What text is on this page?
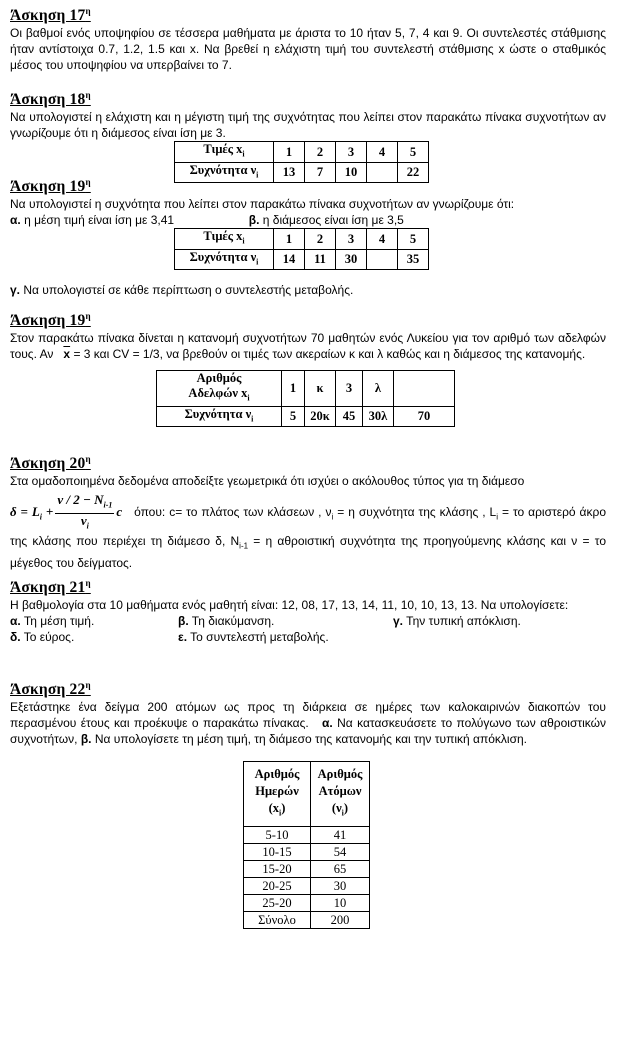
Άσκηση $17^\eta$

Οι βαθμοί ενός υποψηφίου σε τέσσερα μαθήματα με άριστα το 10 ήταν 5, 7, 4 και 9. Οι συντελεστές στάθμισης ήταν αντίστοιχα 0.7, 1.2, 1.5 και x. Να βρεθεί η ελάχιστη τιμή του συντελεστή στάθμισης x ώστε ο σταθμικός μέσος του υποψηφίου να υπερβαίνει το 7.

Άσκηση $18^\eta$

Να υπολογιστεί η ελάχιστη και η μέγιστη τιμή της συχνότητας που λείπει στον παρακάτω πίνακα συχνοτήτων αν γνωρίζουμε ότι η διάμεσος είναι ίση με 3.

Τιμές $x_i$	1	2	3	4	5
Συχνότητα $\nu_i$	13	7	10		22

Άσκηση $19^\eta$

Να υπολογιστεί η συχνότητα που λείπει στον παρακάτω πίνακα συχνοτήτων αν γνωρίζουμε ότι:

α. η μέση τιμή είναι ίση με 3,41	β. η διάμεσος είναι ίση με 3,5

Τιμές $x_i$	1	2	3	4	5
Συχνότητα $\nu_i$	14	11	30		35

γ. Να υπολογιστεί σε κάθε περίπτωση ο συντελεστής μεταβολής.

Άσκηση $19^\eta$

Στον παρακάτω πίνακα δίνεται η κατανομή συχνοτήτων 70 μαθητών ενός Λυκείου για τον αριθμό των αδελφών τους. Αν $\overline{x} = 3$ και CV = 1/3, να βρεθούν οι τιμές των ακεραίων κ και λ καθώς και η διάμεσος της κατανομής.

Αριθμός
Αδελφών $x_i$	1	κ	3	λ	
Συχνότητα $\nu_i$	5	20κ	45	30λ	70

Άσκηση $20^\eta$

Στα ομαδοποιημένα δεδομένα αποδείξτε γεωμετρικά ότι ισχύει ο ακόλουθος τύπος για τη διάμεσο

$\delta = L_i + \frac{\nu / 2 - N_{i-1}}{\nu_i}$ c όπου: c= το πλάτος των κλάσεων , $\nu_i = \eta$ συχνότητα της κλάσης , $L_i = \tau o$ αριστερό άκρο της κλάσης που περιέχει τη διάμεσο δ, $N_{i-1} = \eta$ αθροιστική συχνότητα της προηγούμενης κλάσης και ν = το μέγεθος του δείγματος.

Άσκηση $21^\eta$

Η βαθμολογία στα 10 μαθήματα ενός μαθητή είναι: 12, 08, 17, 13, 14, 11, 10, 10, 13, 13. Να υπολογίσετε:

α. Τη μέση τιμή.	β. Τη διακύμανση.	γ. Την τυπική απόκλιση.
δ. Το εύρος.	ε. Το συντελεστή μεταβολής.

Άσκηση $22^\eta$

Εξετάστηκε ένα δείγμα 200 ατόμων ως προς τη διάρκεια σε ημέρες των καλοκαιρινών διακοπών του περασμένου έτους και προέκυψε ο παρακάτω πίνακας. α. Να κατασκευάσετε το πολύγωνο των αθροιστικών συχνοτήτων, β. Να υπολογίσετε τη μέση τιμή, τη διάμεσο της κατανομής και την τυπική απόκλιση.

Αριθμός
Ημερών
$(x_i)$	Αριθμός
Ατόμων
$(\nu_i)$
5-10	41
10-15	54
15-20	65
20-25	30
25-20	10
Σύνολο	200
